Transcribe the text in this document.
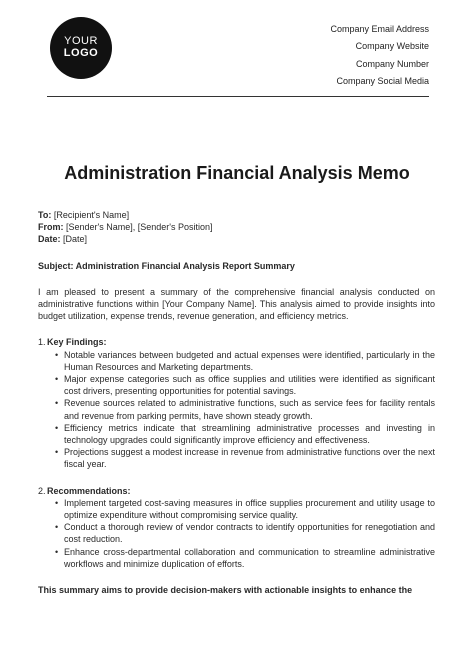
YOUR
LOGO
Company Email Address
Company Website
Company Number
Company Social Media
Administration Financial Analysis Memo

To: [Recipient's Name]

From: [Sender's Name], [Sender's Position]

Date: [Date]

Subject: Administration Financial Analysis Report Summary

I am pleased to present a summary of the comprehensive financial analysis conducted on administrative functions within [Your Company Name]. This analysis aimed to provide insights into budget utilization, expense trends, revenue generation, and efficiency metrics.

1. Key Findings:
• Notable variances between budgeted and actual expenses were identified, particularly in the Human Resources and Marketing departments.
• Major expense categories such as office supplies and utilities were identified as significant cost drivers, presenting opportunities for potential savings.
• Revenue sources related to administrative functions, such as service fees for facility rentals and revenue from parking permits, have shown steady growth.
• Efficiency metrics indicate that streamlining administrative processes and investing in technology upgrades could significantly improve efficiency and effectiveness.
• Projections suggest a modest increase in revenue from administrative functions over the next fiscal year.
2. Recommendations:
• Implement targeted cost-saving measures in office supplies procurement and utility usage to optimize expenditure without compromising service quality.
• Conduct a thorough review of vendor contracts to identify opportunities for renegotiation and cost reduction.
• Enhance cross-departmental collaboration and communication to streamline administrative workflows and minimize duplication of efforts.

This summary aims to provide decision-makers with actionable insights to enhance the
